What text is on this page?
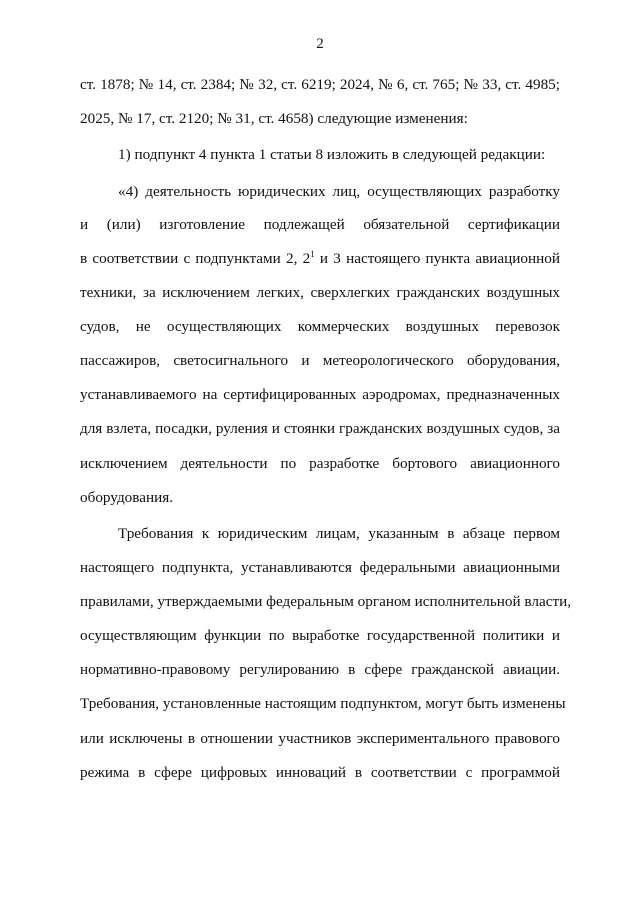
2
ст. 1878; № 14, ст. 2384; № 32, ст. 6219; 2024, № 6, ст. 765; № 33, ст. 4985;
2025, № 17, ст. 2120; № 31, ст. 4658) следующие изменения:
1) подпункт 4 пункта 1 статьи 8 изложить в следующей редакции:
«4) деятельность юридических лиц, осуществляющих разработку
и (или) изготовление подлежащей обязательной сертификации
в соответствии с подпунктами 2, $2^1$ и 3 настоящего пункта авиационной
техники, за исключением легких, сверхлегких гражданских воздушных
судов, не осуществляющих коммерческих воздушных перевозок
пассажиров, светосигнального и метеорологического оборудования,
устанавливаемого на сертифицированных аэродромах, предназначенных
для взлета, посадки, руления и стоянки гражданских воздушных судов, за
исключением деятельности по разработке бортового авиационного
оборудования.
Требования к юридическим лицам, указанным в абзаце первом
настоящего подпункта, устанавливаются федеральными авиационными
правилами, утверждаемыми федеральным органом исполнительной власти,
осуществляющим функции по выработке государственной политики и
нормативно-правовому регулированию в сфере гражданской авиации.
Требования, установленные настоящим подпунктом, могут быть изменены
или исключены в отношении участников экспериментального правового
режима в сфере цифровых инноваций в соответствии с программой
